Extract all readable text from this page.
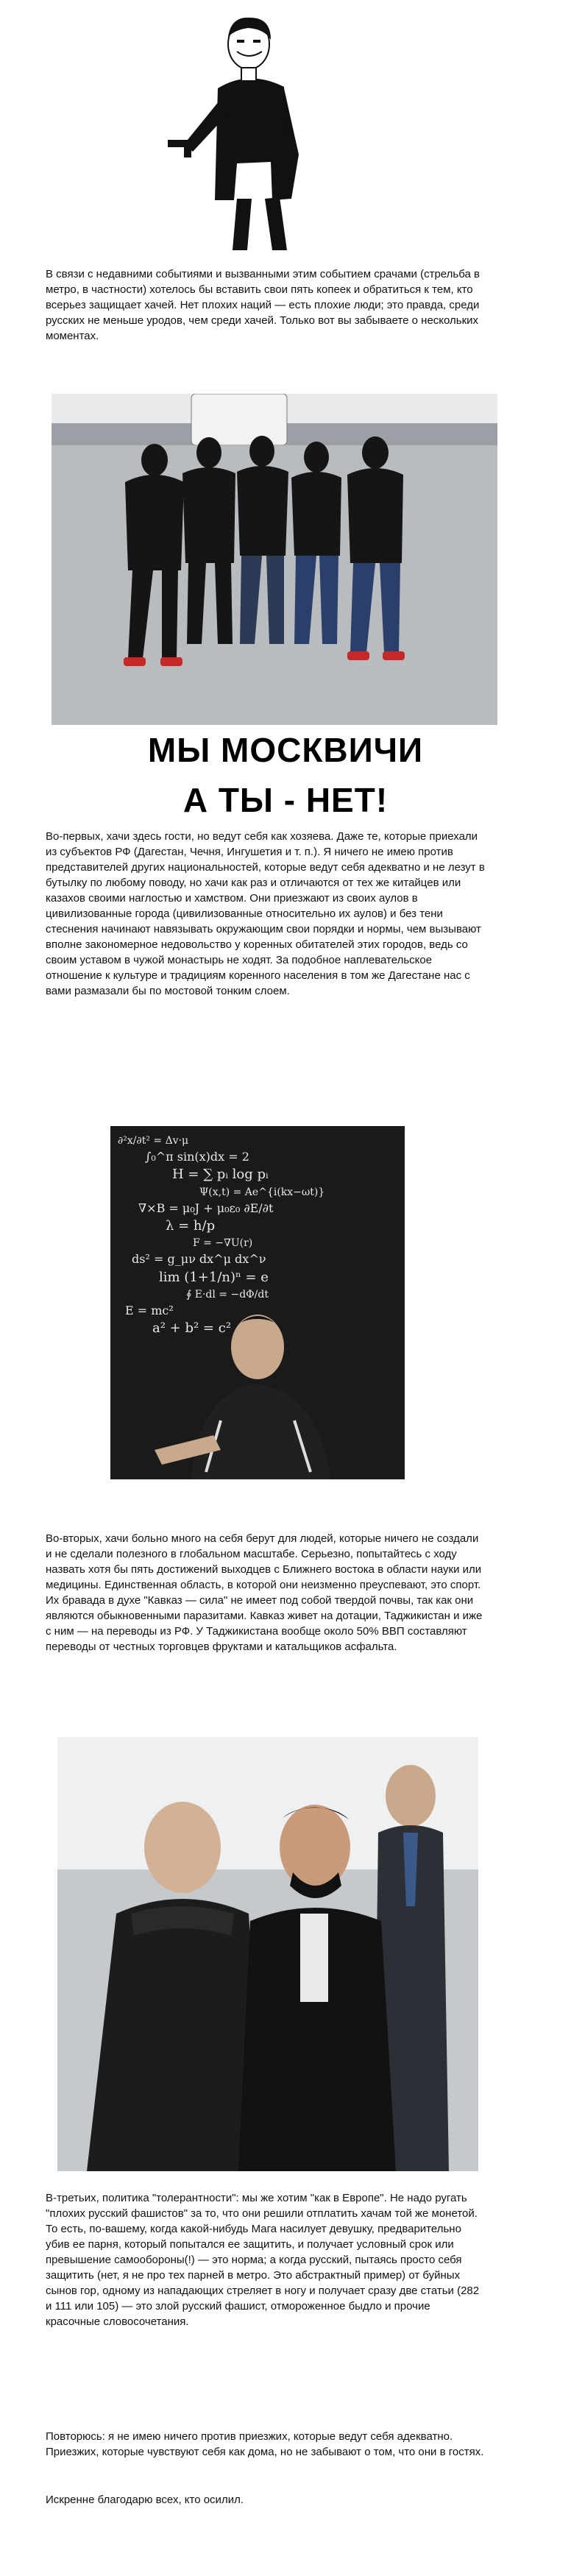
В связи с недавними событиями и вызванными этим событием срачами (стрельба в метро, в частности) хотелось бы вставить свои пять копеек и обратиться к тем, кто всерьез защищает хачей. Нет плохих наций — есть плохие люди; это правда, среди русских не меньше уродов, чем среди хачей. Только вот вы забываете о нескольких моментах.
МЫ МОСКВИЧИ
А ТЫ - НЕТ!
Во-первых, хачи здесь гости, но ведут себя как хозяева. Даже те, которые приехали из субъектов РФ (Дагестан, Чечня, Ингушетия и т. п.). Я ничего не имею против представителей других национальностей, которые ведут себя адекватно и не лезут в бутылку по любому поводу, но хачи как раз и отличаются от тех же китайцев или казахов своими наглостью и хамством. Они приезжают из своих аулов в цивилизованные города (цивилизованные относительно их аулов) и без тени стеснения начинают навязывать окружающим свои порядки и нормы, чем вызывают вполне закономерное недовольство у коренных обитателей этих городов, ведь со своим уставом в чужой монастырь не ходят. За подобное наплевательское отношение к культуре и традициям коренного населения в том же Дагестане нас с вами размазали бы по мостовой тонким слоем.
∂²x/∂t² = Δv·μ
∫₀^π sin(x)dx = 2
H = ∑ pᵢ log pᵢ
Ψ(x,t) = Ae^{i(kx−ωt)}
∇×B = μ₀J + μ₀ε₀ ∂E/∂t
λ = h/p
F = −∇U(r)
ds² = g_μν dx^μ dx^ν
lim (1+1/n)ⁿ = e
∮ E·dl = −dΦ/dt
E = mc²
a² + b² = c²
Во-вторых, хачи больно много на себя берут для людей, которые ничего не создали и не сделали полезного в глобальном масштабе. Серьезно, попытайтесь с ходу назвать хотя бы пять достижений выходцев с Ближнего востока в области науки или медицины. Единственная область, в которой они неизменно преуспевают, это спорт. Их бравада в духе "Кавказ — сила" не имеет под собой твердой почвы, так как они являются обыкновенными паразитами. Кавказ живет на дотации, Таджикистан и иже с ним — на переводы из РФ. У Таджикистана вообще около 50% ВВП составляют переводы от честных торговцев фруктами и катальщиков асфальта.
В-третьих, политика "толерантности": мы же хотим "как в Европе". Не надо ругать "плохих русский фашистов" за то, что они решили отплатить хачам той же монетой. То есть, по-вашему, когда какой-нибудь Мага насилует девушку, предварительно убив ее парня, который попытался ее защитить, и получает условный срок или превышение самообороны(!) — это норма; а когда русский, пытаясь просто себя защитить (нет, я не про тех парней в метро. Это абстрактный пример) от буйных сынов гор, одному из нападающих стреляет в ногу и получает сразу две статьи (282 и 111 или 105) — это злой русский фашист, отмороженное быдло и прочие красочные словосочетания.
Повторюсь: я не имею ничего против приезжих, которые ведут себя адекватно. Приезжих, которые чувствуют себя как дома, но не забывают о том, что они в гостях.
Искренне благодарю всех, кто осилил.
